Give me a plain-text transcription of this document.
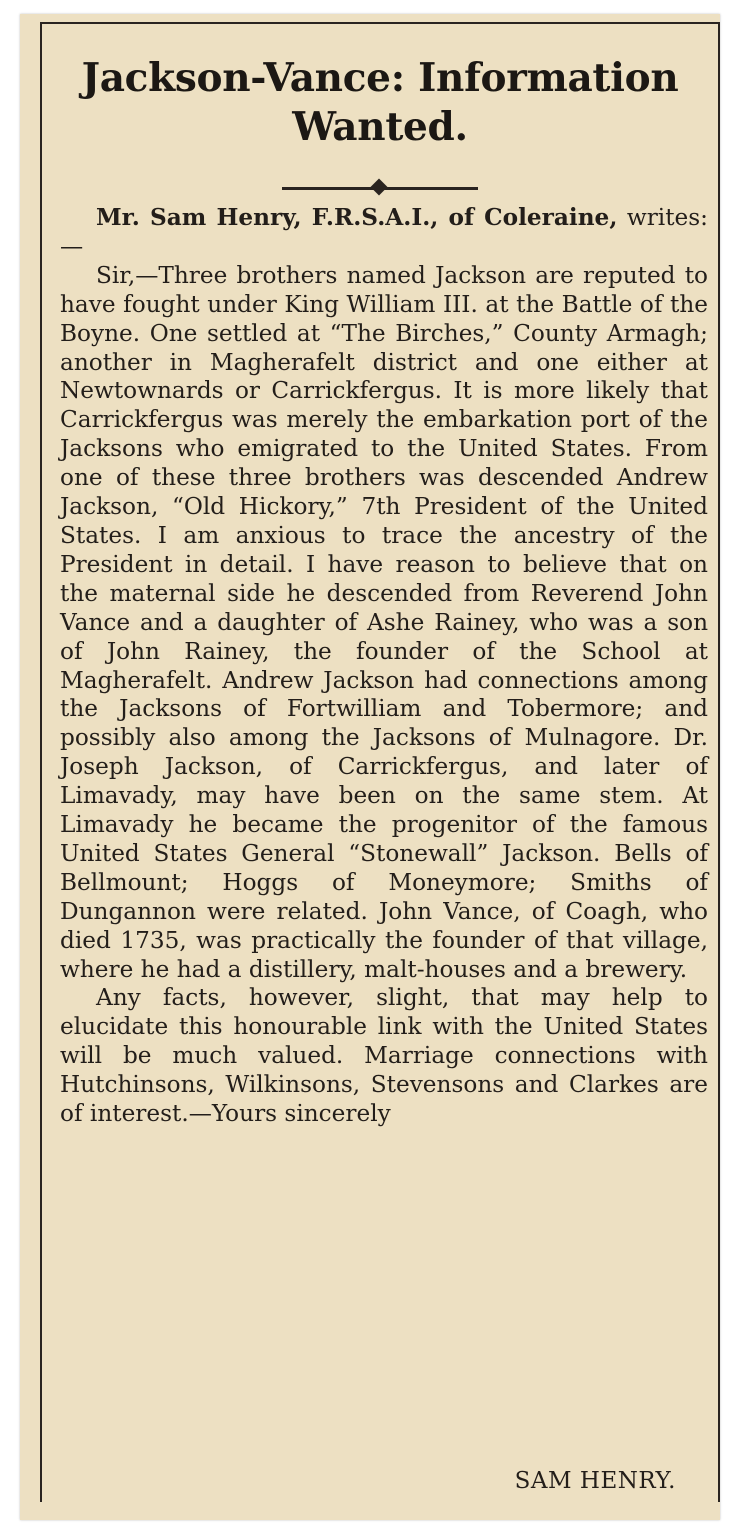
Jackson-Vance: Information
Wanted.

Mr. Sam Henry, F.R.S.A.I., of Coleraine, writes:—

Sir,—Three brothers named Jackson are reputed to have fought under King William III. at the Battle of the Boyne. One settled at “The Birches,” County Armagh; another in Magherafelt district and one either at Newtownards or Carrickfergus. It is more likely that Carrickfergus was merely the embarkation port of the Jacksons who emigrated to the United States. From one of these three brothers was descended Andrew Jackson, “Old Hickory,” 7th President of the United States. I am anxious to trace the ancestry of the President in detail. I have reason to believe that on the maternal side he descended from Reverend John Vance and a daughter of Ashe Rainey, who was a son of John Rainey, the founder of the School at Magherafelt. Andrew Jackson had connections among the Jacksons of Fortwilliam and Tobermore; and possibly also among the Jacksons of Mulnagore. Dr. Joseph Jackson, of Carrickfergus, and later of Limavady, may have been on the same stem. At Limavady he became the progenitor of the famous United States General “Stonewall” Jackson. Bells of Bellmount; Hoggs of Moneymore; Smiths of Dungannon were related. John Vance, of Coagh, who died 1735, was practically the founder of that village, where he had a distillery, malt-houses and a brewery.

Any facts, however, slight, that may help to elucidate this honourable link with the United States will be much valued. Marriage connections with Hutchinsons, Wilkinsons, Stevensons and Clarkes are of interest.—Yours sincerely

SAM HENRY.
